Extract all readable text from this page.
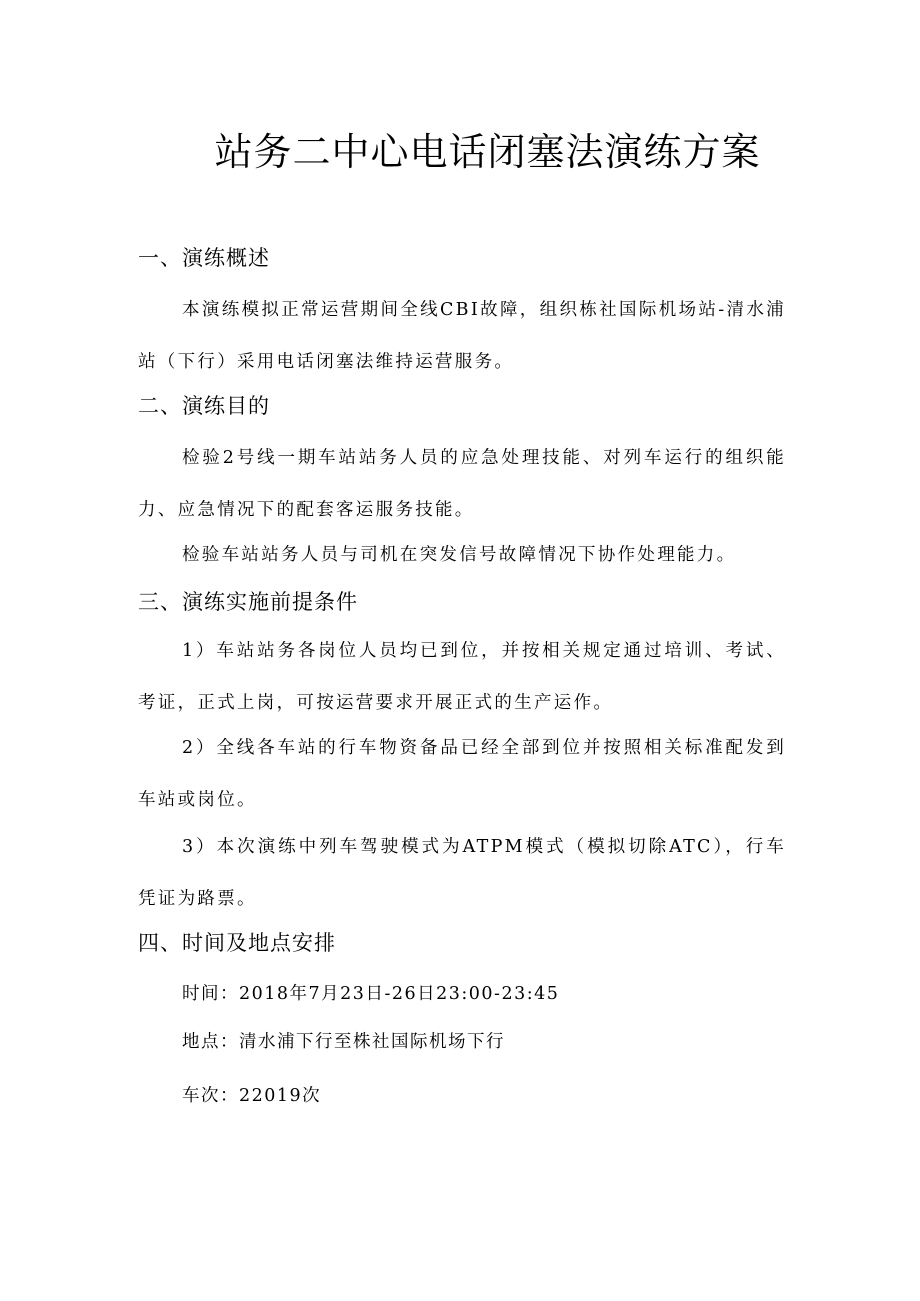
站务二中心电话闭塞法演练方案
一、演练概述

本演练模拟正常运营期间全线CBI故障，组织栋社国际机场站-清水浦站（下行）采用电话闭塞法维持运营服务。

二、演练目的

检验2号线一期车站站务人员的应急处理技能、对列车运行的组织能力、应急情况下的配套客运服务技能。

检验车站站务人员与司机在突发信号故障情况下协作处理能力。

三、演练实施前提条件

1）车站站务各岗位人员均已到位，并按相关规定通过培训、考试、考证，正式上岗，可按运营要求开展正式的生产运作。

2）全线各车站的行车物资备品已经全部到位并按照相关标准配发到车站或岗位。

3）本次演练中列车驾驶模式为ATPM模式（模拟切除ATC），行车凭证为路票。

四、时间及地点安排
时间：2018年7月23日-26日23:00-23:45
地点：清水浦下行至株社国际机场下行
车次：22019次
